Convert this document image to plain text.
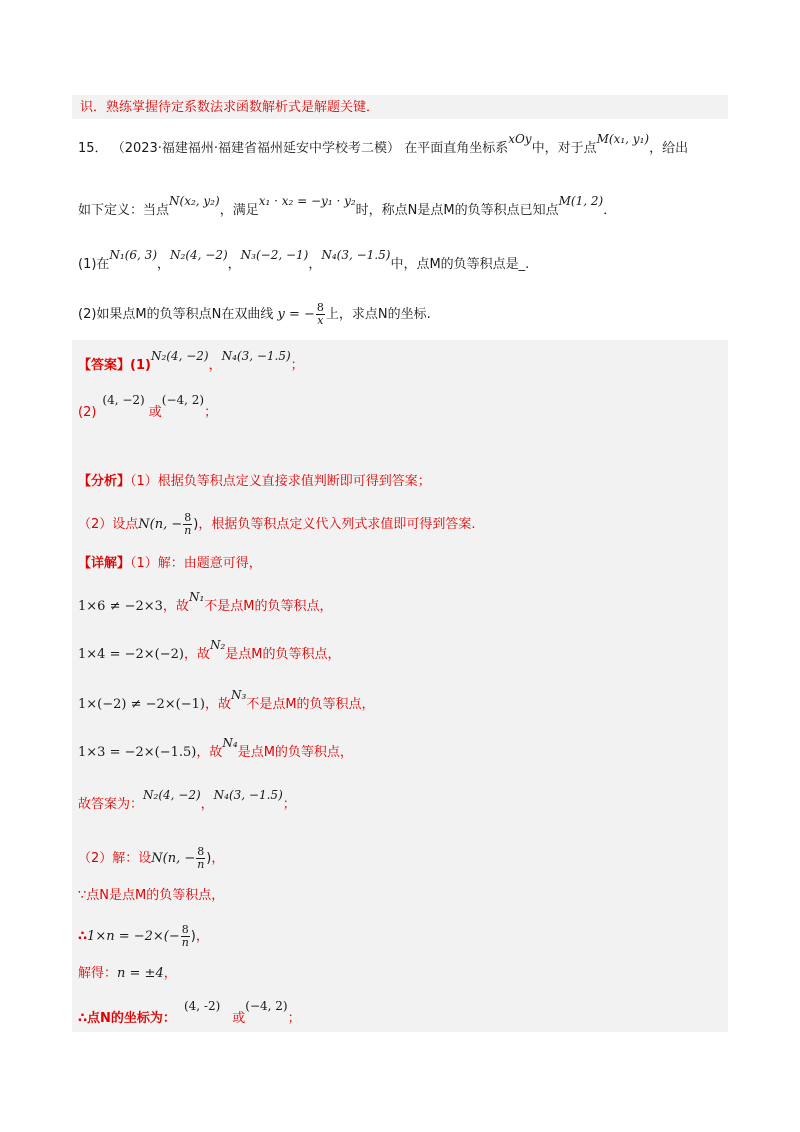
识．熟练掌握待定系数法求函数解析式是解题关键．
15． （2023·福建福州·福建省福州延安中学校考二模） 在平面直角坐标系xOy中，对于点M(x₁, y₁)，给出
如下定义：当点N(x₂, y₂)，满足x₁ · x₂ = −y₁ · y₂时，称点N是点M的负等积点已知点M(1, 2)．
(1)在N₁(6, 3)，N₂(4, −2)，N₃(−2, −1)，N₄(3, −1.5)中，点M的负等积点是_.
(2)如果点M的负等积点N在双曲线 y = − $\frac{8}{x}$ 上，求点N的坐标.
【答案】(1)N₂(4, −2)，N₄(3, −1.5)；
(2)(4, −2)或(−4, 2)；
【分析】（1）根据负等积点定义直接求值判断即可得到答案；
（2）设点N(n, − $\frac{8}{n}$ )，根据负等积点定义代入列式求值即可得到答案.
【详解】（1）解：由题意可得，
1×6 ≠ −2×3，故N₁不是点M的负等积点，
1×4 = −2×(−2)，故N₂是点M的负等积点，
1×(−2) ≠ −2×(−1)，故N₃不是点M的负等积点，
1×3 = −2×(−1.5)，故N₄是点M的负等积点，
故答案为：N₂(4, −2)，N₄(3, −1.5)；
（2）解：设N(n, − $\frac{8}{n}$ )，
∵点N是点M的负等积点，
∴1×n = $-2\times(- \frac{8}{n}$ )，
解得：n = ±4，
∴点N的坐标为：(4, -2)或(−4, 2)；
